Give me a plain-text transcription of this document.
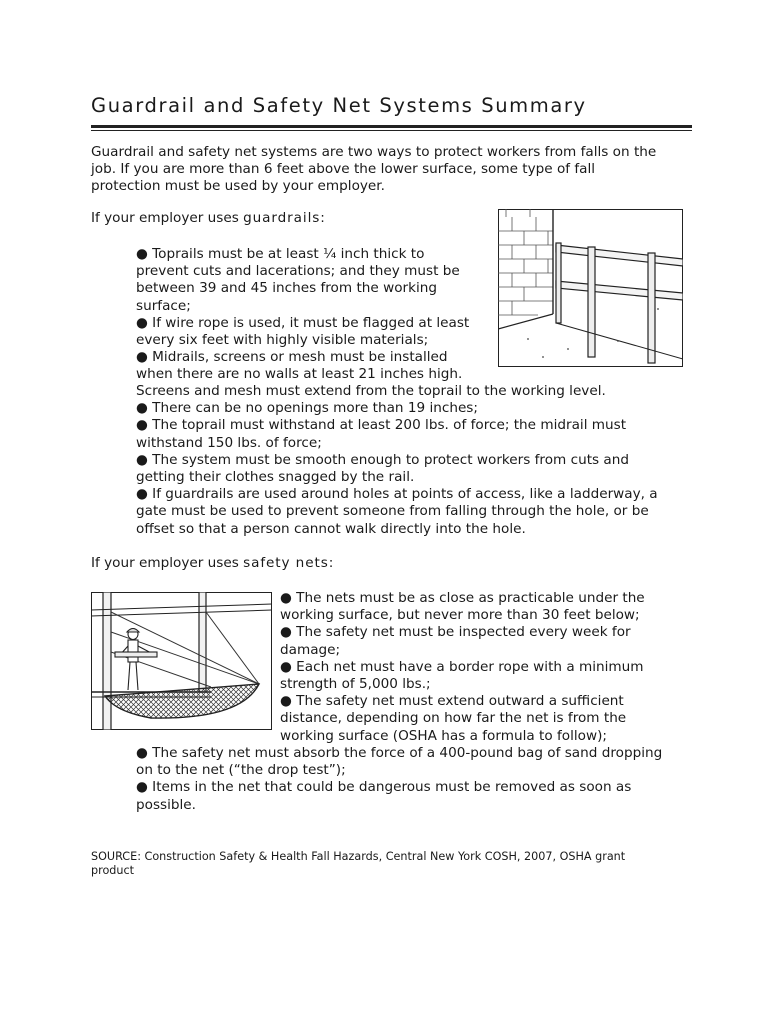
Guardrail and Safety Net Systems Summary
Guardrail and safety net systems are two ways to protect workers from falls on the
job. If you are more than 6 feet above the lower surface, some type of fall
protection must be used by your employer.
If your employer uses guardrails:
● Toprails must be at least ¼ inch thick to
prevent cuts and lacerations; and they must be
between 39 and 45 inches from the working
surface;
● If wire rope is used, it must be flagged at least
every six feet with highly visible materials;
● Midrails, screens or mesh must be installed
when there are no walls at least 21 inches high.
Screens and mesh must extend from the toprail to the working level.
● There can be no openings more than 19 inches;
● The toprail must withstand at least 200 lbs. of force; the midrail must
withstand 150 lbs. of force;
● The system must be smooth enough to protect workers from cuts and
getting their clothes snagged by the rail.
● If guardrails are used around holes at points of access, like a ladderway, a
gate must be used to prevent someone from falling through the hole, or be
offset so that a person cannot walk directly into the hole.
If your employer uses safety nets:
● The nets must be as close as practicable under the
working surface, but never more than 30 feet below;
● The safety net must be inspected every week for
damage;
● Each net must have a border rope with a minimum
strength of 5,000 lbs.;
● The safety net must extend outward a sufficient
distance, depending on how far the net is from the
working surface (OSHA has a formula to follow);
● The safety net must absorb the force of a 400-pound bag of sand dropping
on to the net (“the drop test”);
● Items in the net that could be dangerous must be removed as soon as
possible.
SOURCE: Construction Safety & Health Fall Hazards, Central New York COSH, 2007, OSHA grant
product
